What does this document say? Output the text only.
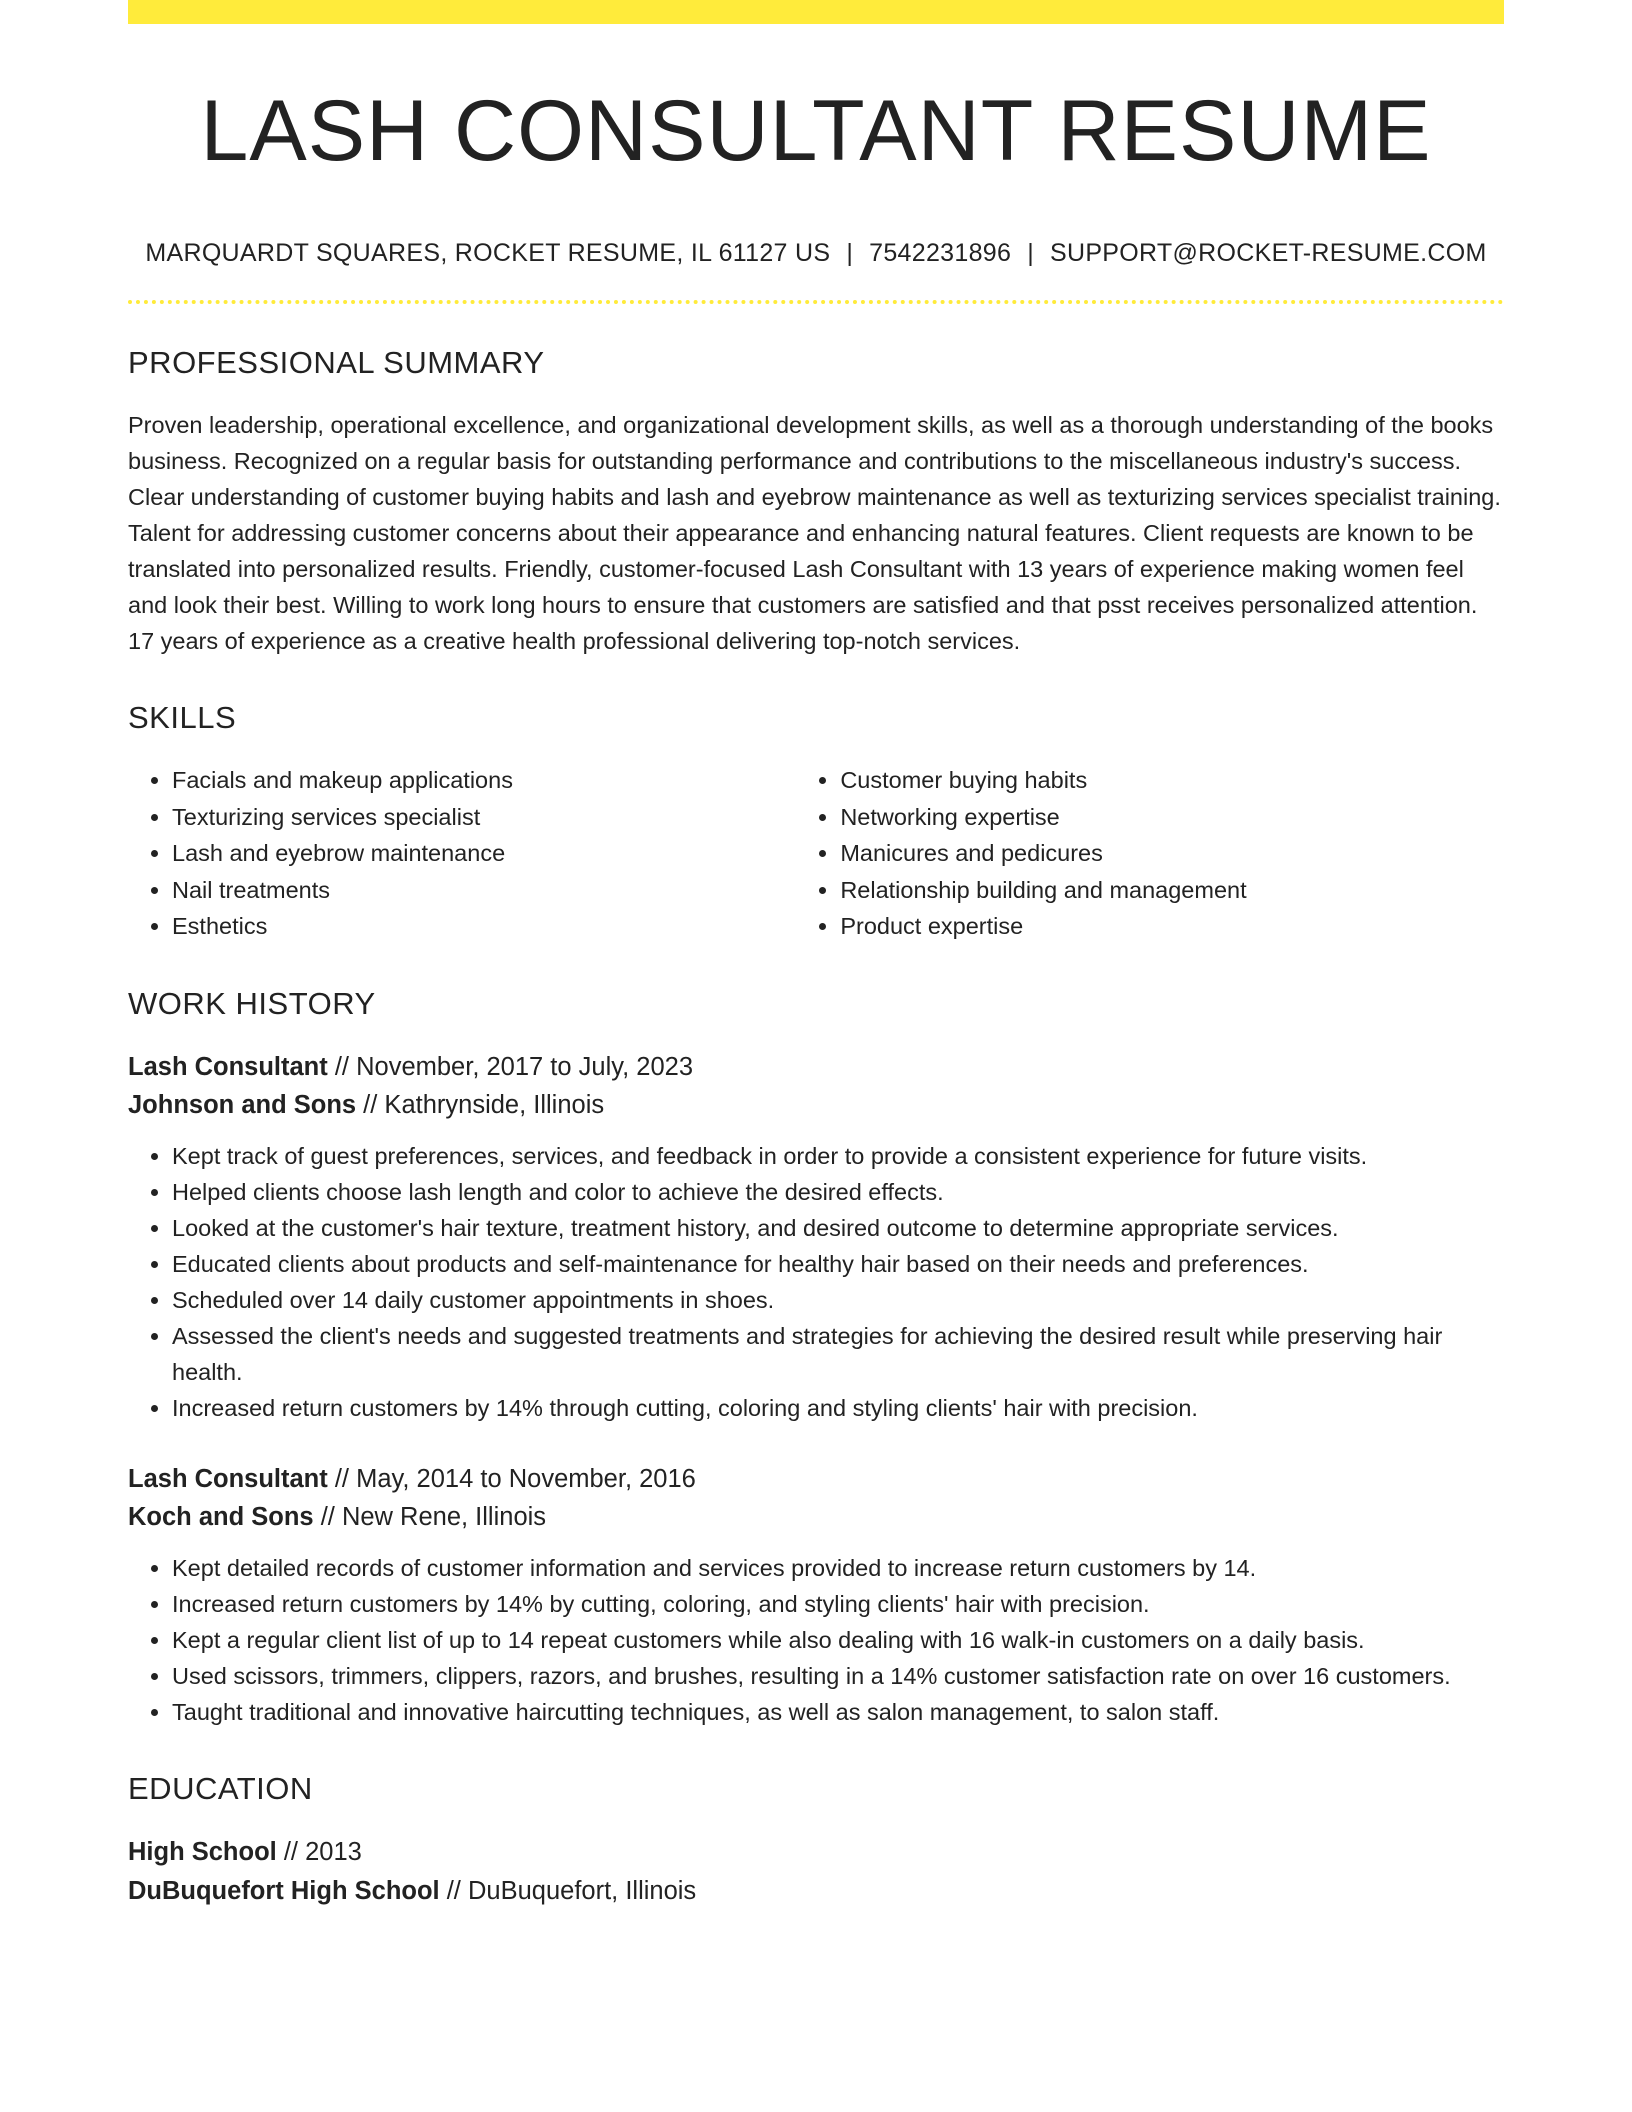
LASH CONSULTANT RESUME
MARQUARDT SQUARES, ROCKET RESUME, IL 61127 US | 7542231896 | SUPPORT@ROCKET-RESUME.COM
PROFESSIONAL SUMMARY

Proven leadership, operational excellence, and organizational development skills, as well as a thorough understanding of the books business. Recognized on a regular basis for outstanding performance and contributions to the miscellaneous industry's success. Clear understanding of customer buying habits and lash and eyebrow maintenance as well as texturizing services specialist training. Talent for addressing customer concerns about their appearance and enhancing natural features. Client requests are known to be translated into personalized results. Friendly, customer-focused Lash Consultant with 13 years of experience making women feel and look their best. Willing to work long hours to ensure that customers are satisfied and that psst receives personalized attention. 17 years of experience as a creative health professional delivering top-notch services.

SKILLS
• Facials and makeup applications
• Texturizing services specialist
• Lash and eyebrow maintenance
• Nail treatments
• Esthetics
• Customer buying habits
• Networking expertise
• Manicures and pedicures
• Relationship building and management
• Product expertise
WORK HISTORY
Lash Consultant // November, 2017 to July, 2023
Johnson and Sons // Kathrynside, Illinois
• Kept track of guest preferences, services, and feedback in order to provide a consistent experience for future visits.
• Helped clients choose lash length and color to achieve the desired effects.
• Looked at the customer's hair texture, treatment history, and desired outcome to determine appropriate services.
• Educated clients about products and self-maintenance for healthy hair based on their needs and preferences.
• Scheduled over 14 daily customer appointments in shoes.
• Assessed the client's needs and suggested treatments and strategies for achieving the desired result while preserving hair health.
• Increased return customers by 14% through cutting, coloring and styling clients' hair with precision.
Lash Consultant // May, 2014 to November, 2016
Koch and Sons // New Rene, Illinois
• Kept detailed records of customer information and services provided to increase return customers by 14.
• Increased return customers by 14% by cutting, coloring, and styling clients' hair with precision.
• Kept a regular client list of up to 14 repeat customers while also dealing with 16 walk-in customers on a daily basis.
• Used scissors, trimmers, clippers, razors, and brushes, resulting in a 14% customer satisfaction rate on over 16 customers.
• Taught traditional and innovative haircutting techniques, as well as salon management, to salon staff.
EDUCATION
High School // 2013
DuBuquefort High School // DuBuquefort, Illinois
